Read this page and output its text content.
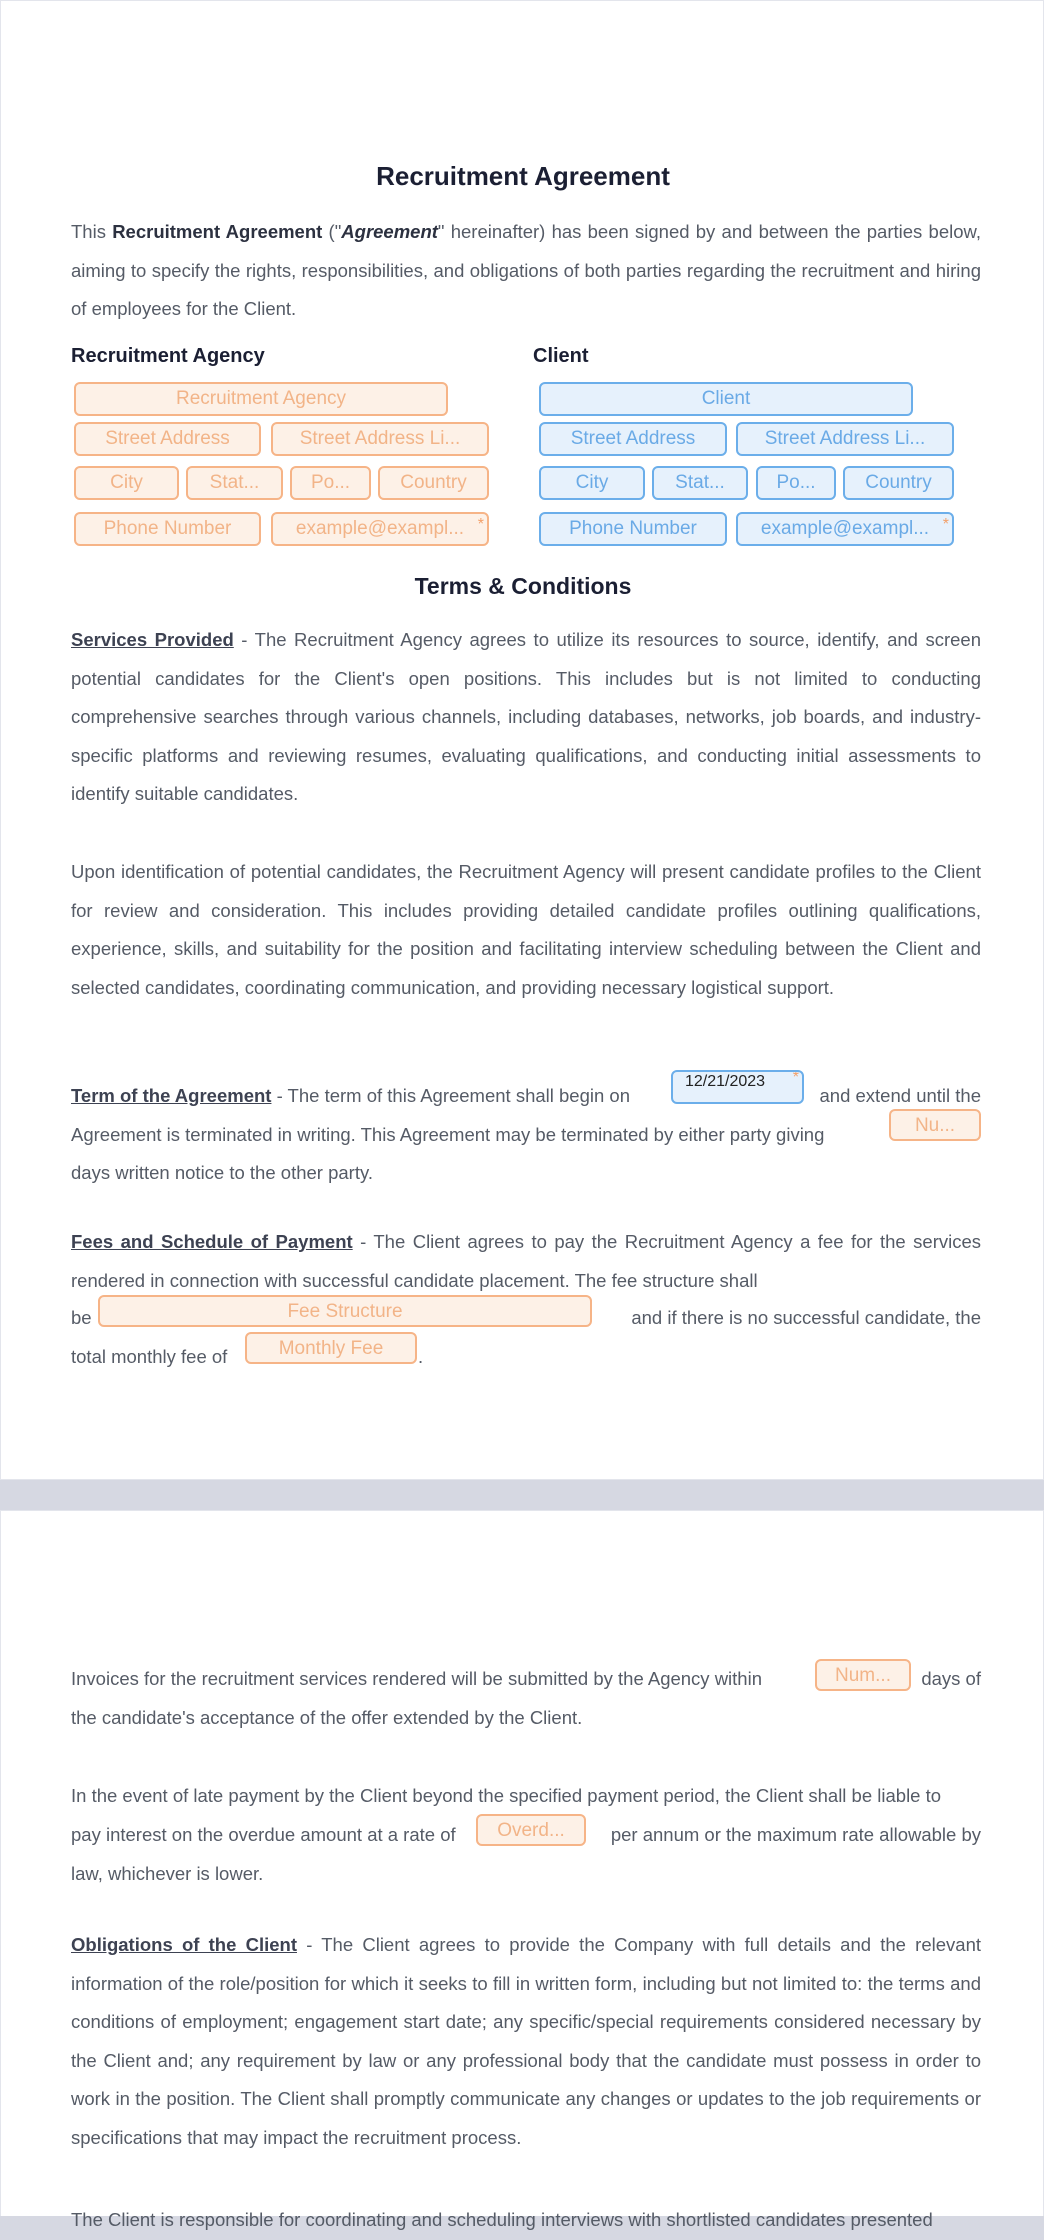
Recruitment Agreement
This Recruitment Agreement ("Agreement" hereinafter) has been signed by and between the parties below, aiming to specify the rights, responsibilities, and obligations of both parties regarding the recruitment and hiring of employees for the Client.
Recruitment Agency	Client
Recruitment Agency
Street Address	Street Address Li...
City	Stat...	Po...	Country
Phone Number	example@exampl... *
Client
Street Address	Street Address Li...
City	Stat...	Po...	Country
Phone Number	example@exampl... *
Terms & Conditions
Services Provided - The Recruitment Agency agrees to utilize its resources to source, identify, and screen potential candidates for the Client's open positions. This includes but is not limited to conducting comprehensive searches through various channels, including databases, networks, job boards, and industry-specific platforms and reviewing resumes, evaluating qualifications, and conducting initial assessments to identify suitable candidates.
Upon identification of potential candidates, the Recruitment Agency will present candidate profiles to the Client for review and consideration. This includes providing detailed candidate profiles outlining qualifications, experience, skills, and suitability for the position and facilitating interview scheduling between the Client and selected candidates, coordinating communication, and providing necessary logistical support.
Term of the Agreement - The term of this Agreement shall begin on
12/21/2023 *
and extend until the
Agreement is terminated in writing. This Agreement may be terminated by either party giving	Nu...
days written notice to the other party.
Fees and Schedule of Payment - The Client agrees to pay the Recruitment Agency a fee for the services rendered in connection with successful candidate placement. The fee structure shall
be	Fee Structure	and if there is no successful candidate, the
total monthly fee of	Monthly Fee	.
Invoices for the recruitment services rendered will be submitted by the Agency within	Num...	days of
the candidate's acceptance of the offer extended by the Client.
In the event of late payment by the Client beyond the specified payment period, the Client shall be liable to
pay interest on the overdue amount at a rate of	Overd...	per annum or the maximum rate allowable by
law, whichever is lower.
Obligations of the Client - The Client agrees to provide the Company with full details and the relevant information of the role/position for which it seeks to fill in written form, including but not limited to: the terms and conditions of employment; engagement start date; any specific/special requirements considered necessary by the Client and; any requirement by law or any professional body that the candidate must possess in order to work in the position. The Client shall promptly communicate any changes or updates to the job requirements or specifications that may impact the recruitment process.
The Client is responsible for coordinating and scheduling interviews with shortlisted candidates presented
